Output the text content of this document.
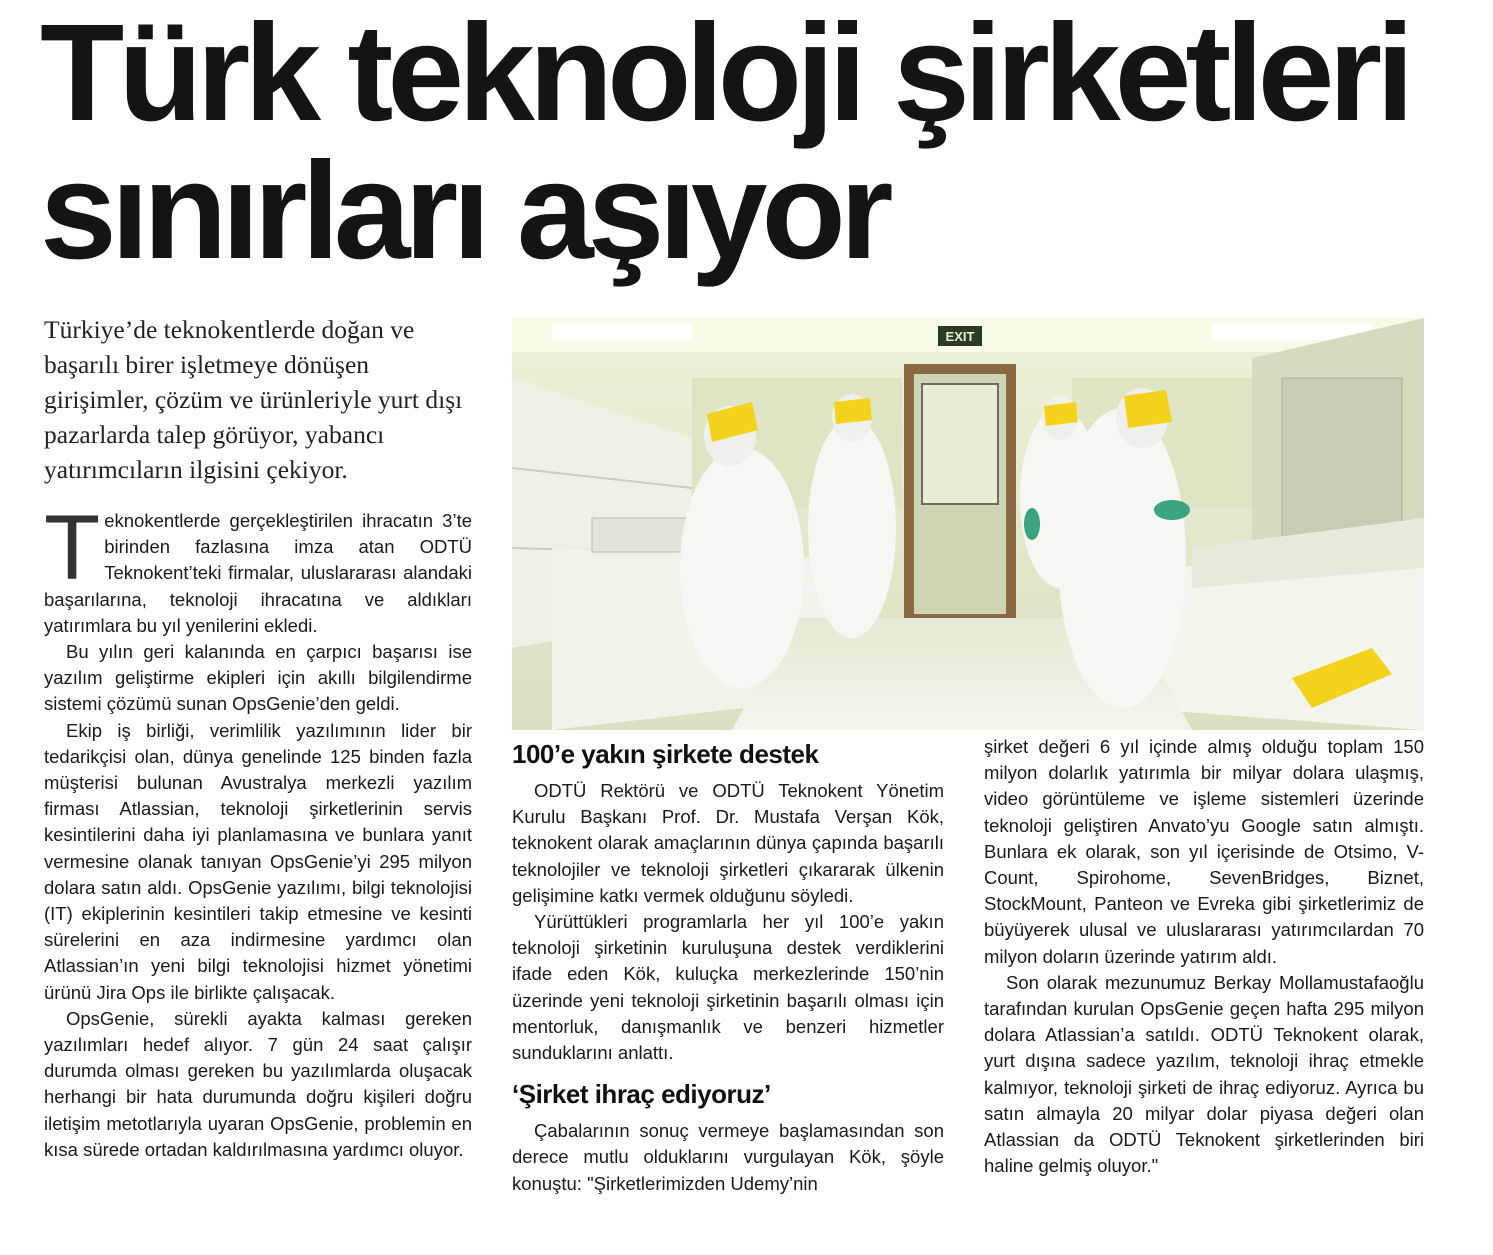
Türk teknoloji şirketleri
sınırları aşıyor

Türkiye’de teknokentlerde doğan ve başarılı birer işletmeye dönüşen girişimler, çözüm ve ürünleriyle yurt dışı pazarlarda talep görüyor, yabancı yatırımcıların ilgisini çekiyor.

Teknokentlerde gerçekleştirilen ihracatın 3’te birinden fazlasına imza atan ODTÜ Teknokent’teki firmalar, uluslararası alandaki başarılarına, teknoloji ihracatına ve aldıkları yatırımlara bu yıl yenilerini ekledi.

Bu yılın geri kalanında en çarpıcı başarısı ise yazılım geliştirme ekipleri için akıllı bilgilendirme sistemi çözümü sunan OpsGenie’den geldi.

Ekip iş birliği, verimlilik yazılımının lider bir tedarikçisi olan, dünya genelinde 125 binden fazla müşterisi bulunan Avustralya merkezli yazılım firması Atlassian, teknoloji şirketlerinin servis kesintilerini daha iyi planlamasına ve bunlara yanıt vermesine olanak tanıyan OpsGenie’yi 295 milyon dolara satın aldı. OpsGenie yazılımı, bilgi teknolojisi (IT) ekiplerinin kesintileri takip etmesine ve kesinti sürelerini en aza indirmesine yardımcı olan Atlassian’ın yeni bilgi teknolojisi hizmet yönetimi ürünü Jira Ops ile birlikte çalışacak.

OpsGenie, sürekli ayakta kalması gereken yazılımları hedef alıyor. 7 gün 24 saat çalışır durumda olması gereken bu yazılımlarda oluşacak herhangi bir hata durumunda doğru kişileri doğru iletişim metotlarıyla uyaran OpsGenie, problemin en kısa sürede ortadan kaldırılmasına yardımcı oluyor.

EXIT
100’e yakın şirkete destek

ODTÜ Rektörü ve ODTÜ Teknokent Yönetim Kurulu Başkanı Prof. Dr. Mustafa Verşan Kök, teknokent olarak amaçlarının dünya çapında başarılı teknolojiler ve teknoloji şirketleri çıkararak ülkenin gelişimine katkı vermek olduğunu söyledi.

Yürüttükleri programlarla her yıl 100’e yakın teknoloji şirketinin kuruluşuna destek verdiklerini ifade eden Kök, kuluçka merkezlerinde 150’nin üzerinde yeni teknoloji şirketinin başarılı olması için mentorluk, danışmanlık ve benzeri hizmetler sunduklarını anlattı.

‘Şirket ihraç ediyoruz’

Çabalarının sonuç vermeye başlamasından son derece mutlu olduklarını vurgulayan Kök, şöyle konuştu: "Şirketlerimizden Udemy’nin

şirket değeri 6 yıl içinde almış olduğu toplam 150 milyon dolarlık yatırımla bir milyar dolara ulaşmış, video görüntüleme ve işleme sistemleri üzerinde teknoloji geliştiren Anvato’yu Google satın almıştı. Bunlara ek olarak, son yıl içerisinde de Otsimo, V-Count, Spirohome, SevenBridges, Biznet, StockMount, Panteon ve Evreka gibi şirketlerimiz de büyüyerek ulusal ve uluslararası yatırımcılardan 70 milyon doların üzerinde yatırım aldı.

Son olarak mezunumuz Berkay Mollamustafaoğlu tarafından kurulan OpsGenie geçen hafta 295 milyon dolara Atlassian’a satıldı. ODTÜ Teknokent olarak, yurt dışına sadece yazılım, teknoloji ihraç etmekle kalmıyor, teknoloji şirketi de ihraç ediyoruz. Ayrıca bu satın almayla 20 milyar dolar piyasa değeri olan Atlassian da ODTÜ Teknokent şirketlerinden biri haline gelmiş oluyor."
